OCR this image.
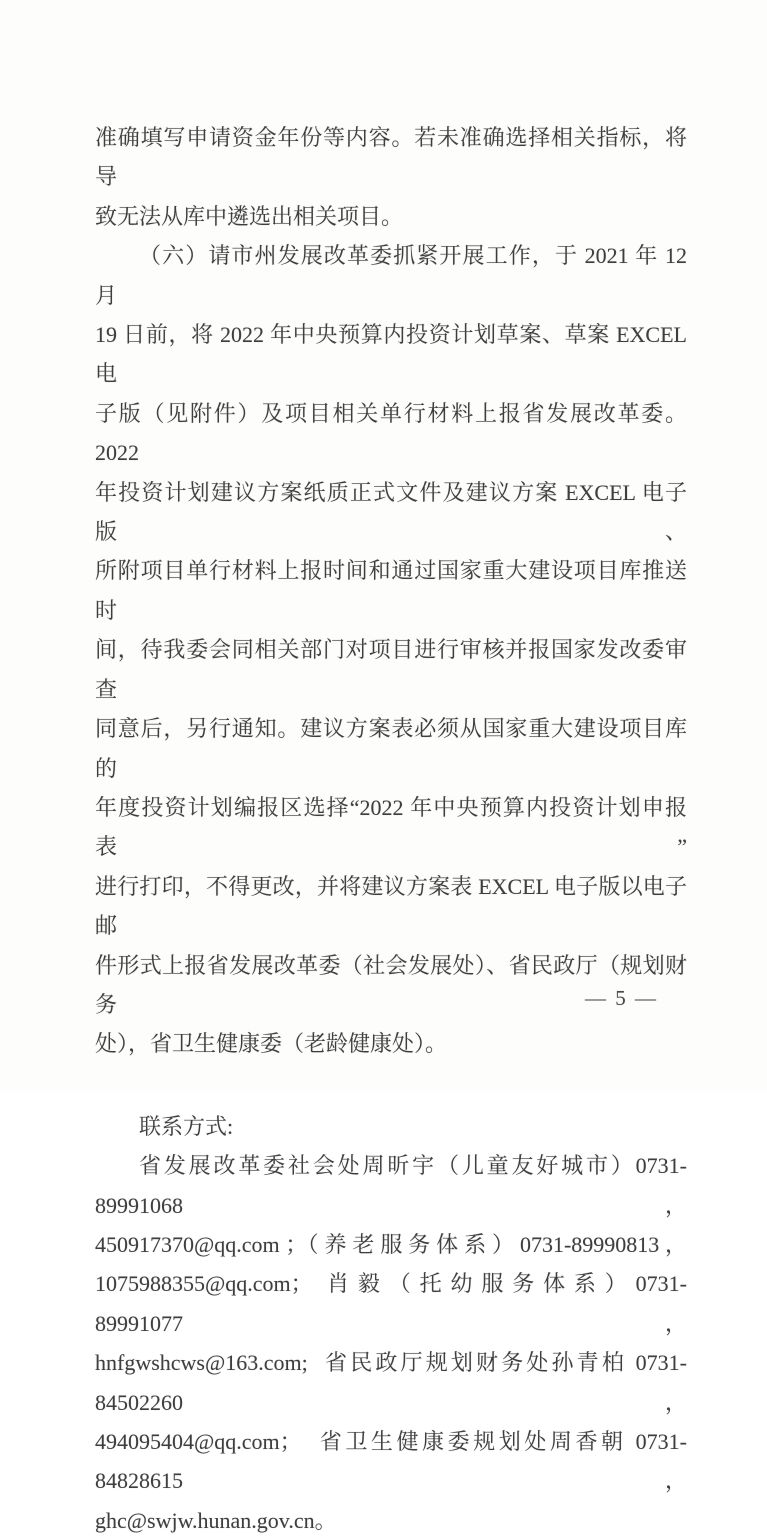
准确填写申请资金年份等内容。若未准确选择相关指标，将导
致无法从库中遴选出相关项目。
（六）请市州发展改革委抓紧开展工作，于 2021 年 12 月
19 日前，将 2022 年中央预算内投资计划草案、草案 EXCEL 电
子版（见附件）及项目相关单行材料上报省发展改革委。2022
年投资计划建议方案纸质正式文件及建议方案 EXCEL 电子版、
所附项目单行材料上报时间和通过国家重大建设项目库推送时
间，待我委会同相关部门对项目进行审核并报国家发改委审查
同意后，另行通知。建议方案表必须从国家重大建设项目库的
年度投资计划编报区选择“2022 年中央预算内投资计划申报表”
进行打印，不得更改，并将建议方案表 EXCEL 电子版以电子邮
件形式上报省发展改革委（社会发展处）、省民政厅（规划财务
处），省卫生健康委（老龄健康处）。
联系方式:
省发展改革委社会处周昕宇（儿童友好城市）0731-89991068，
450917370@qq.com ；（ 养 老 服 务 体 系 ） 0731-89990813 ，
1075988355@qq.com； 肖毅（托幼服务体系）0731-89991077，
hnfgwshcws@163.com;  省民政厅规划财务处孙青柏 0731-84502260，
494095404@qq.com；  省卫生健康委规划处周香朝 0731-84828615，
ghc@swjw.hunan.gov.cn。
— 5 —
